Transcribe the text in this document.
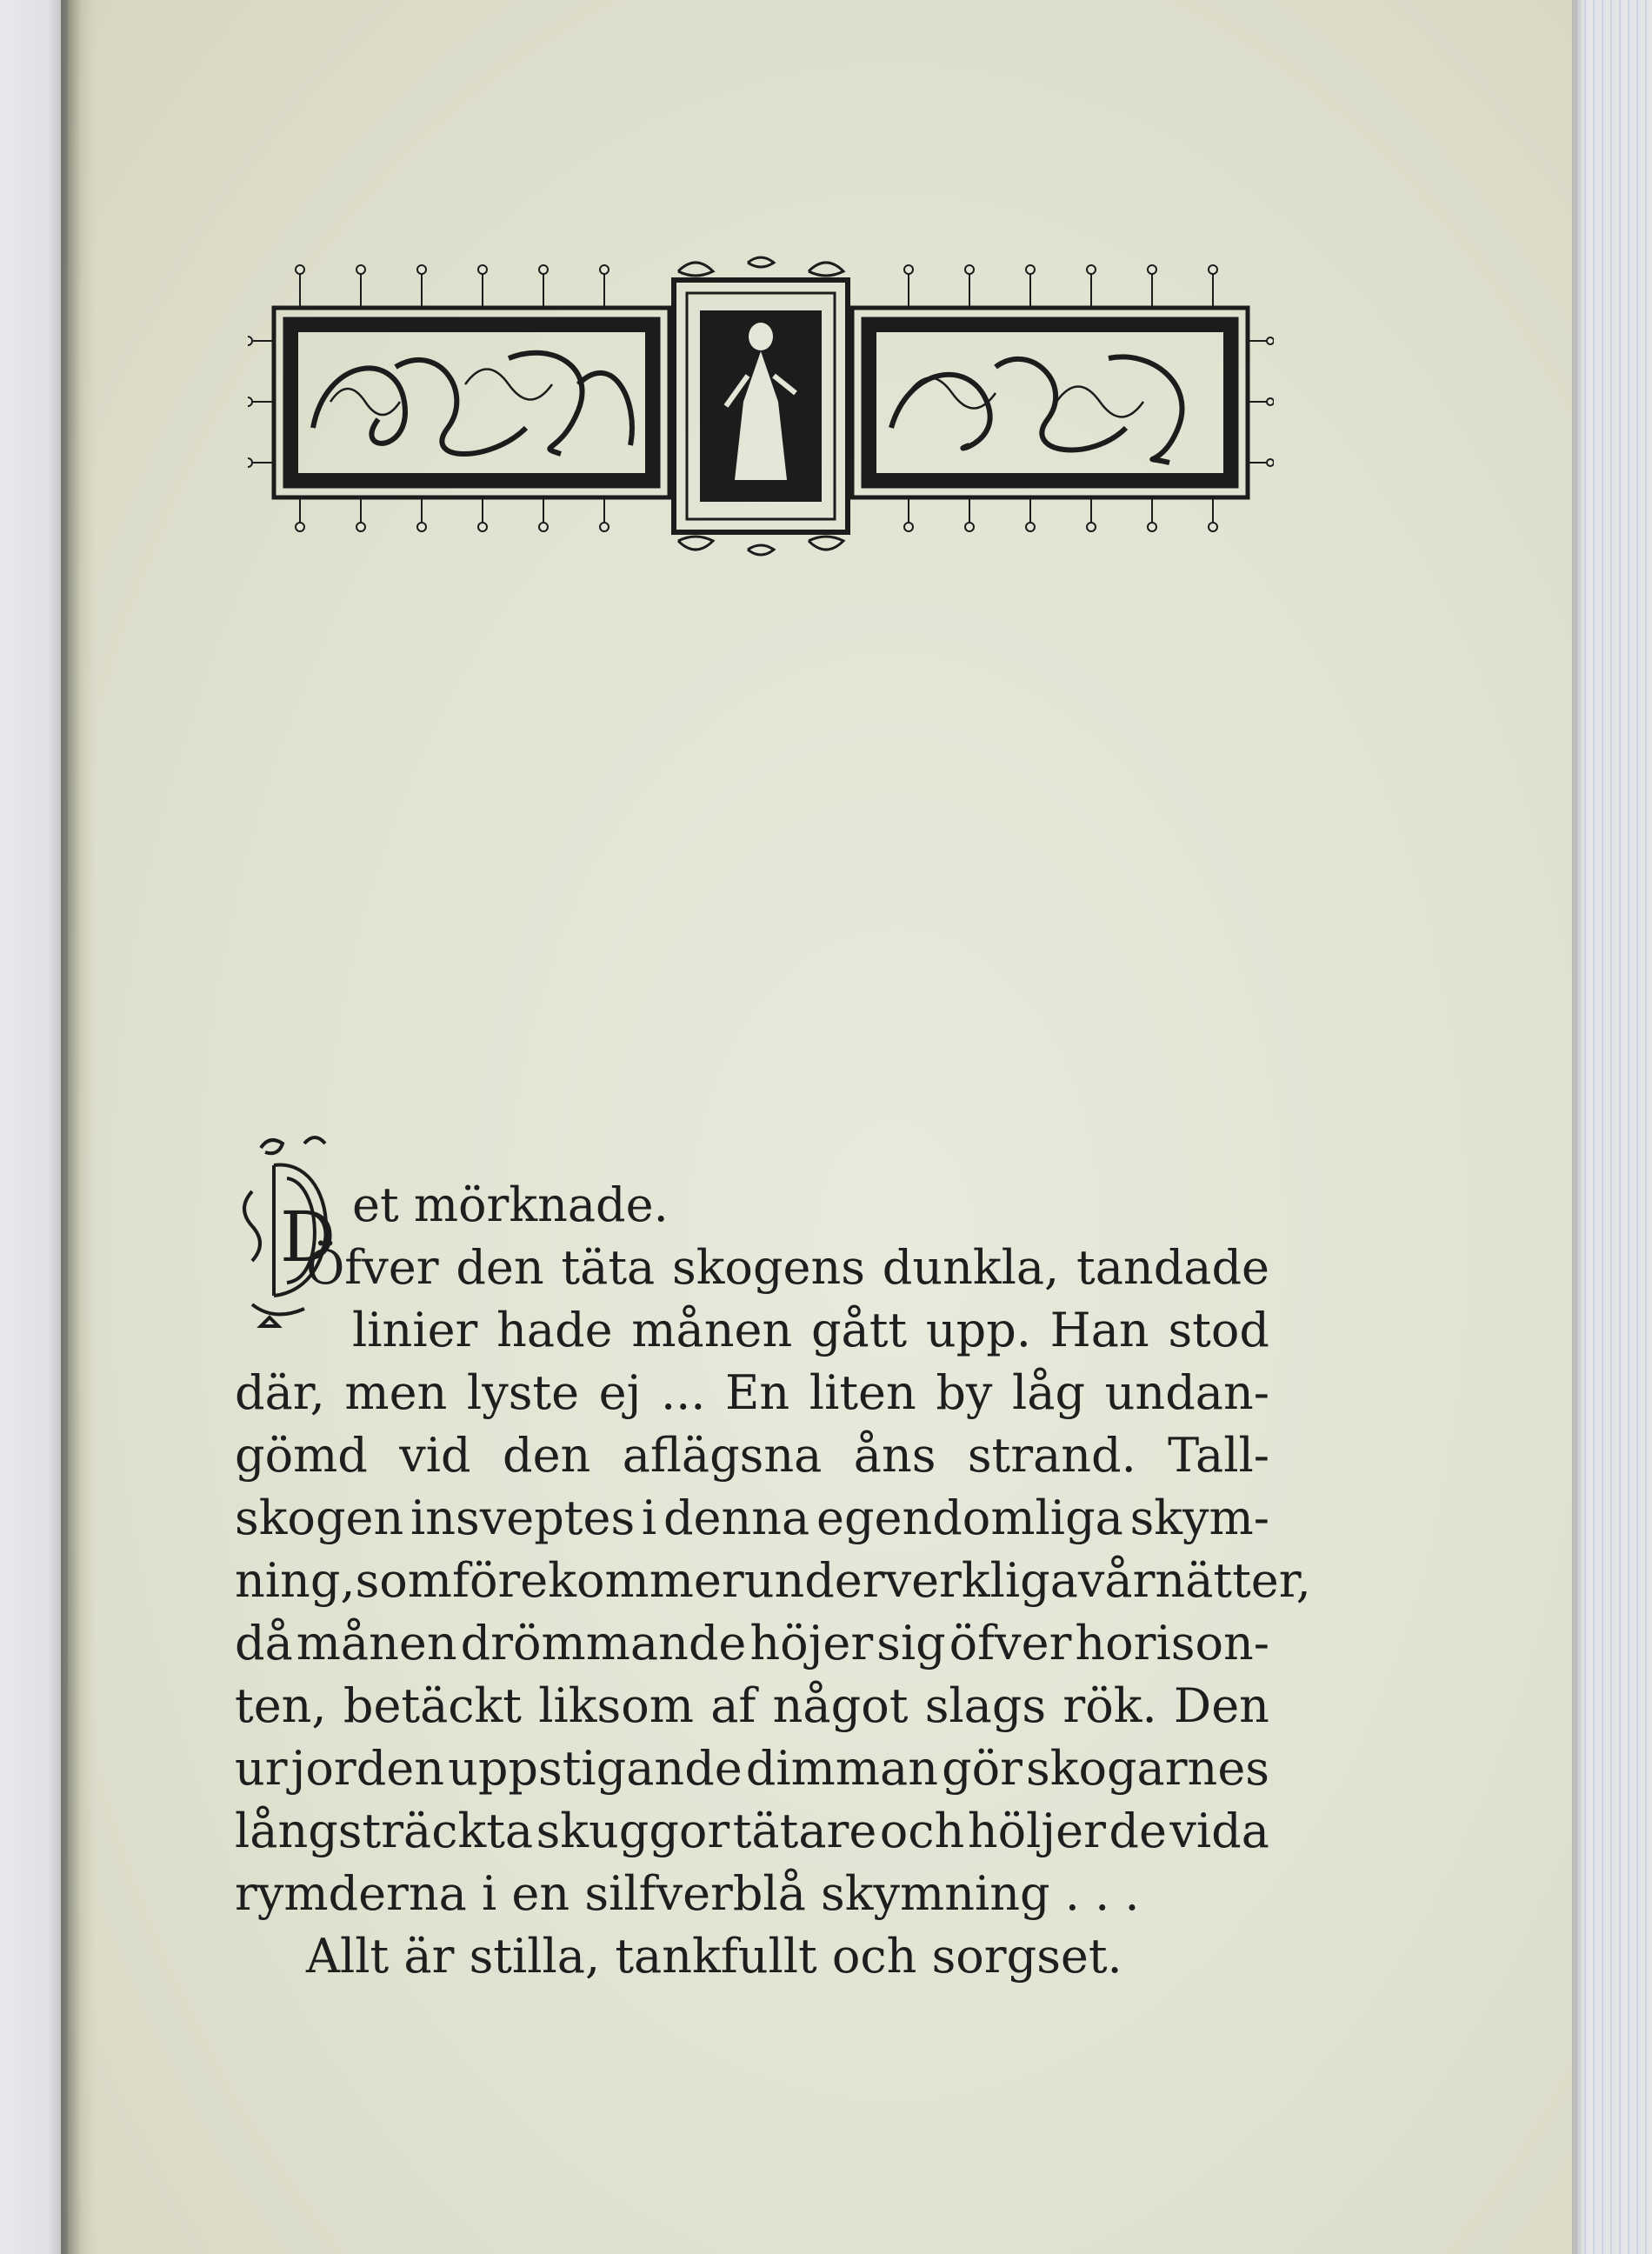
D et mörknade.
Öfver den täta skogens dunkla, tandade
linier hade månen gått upp. Han stod
där, men lyste ej ... En liten by låg undan-
gömd vid den aflägsna åns strand. Tall-
skogen insveptes i denna egendomliga skym-
ning, som förekommer under verkliga vårnätter,
då månen drömmande höjer sig öfver horison-
ten, betäckt liksom af något slags rök. Den
ur jorden uppstigande dimman gör skogarnes
långsträckta skuggor tätare och höljer de vida
rymderna i en silfverblå skymning . . .
Allt är stilla, tankfullt och sorgset.
